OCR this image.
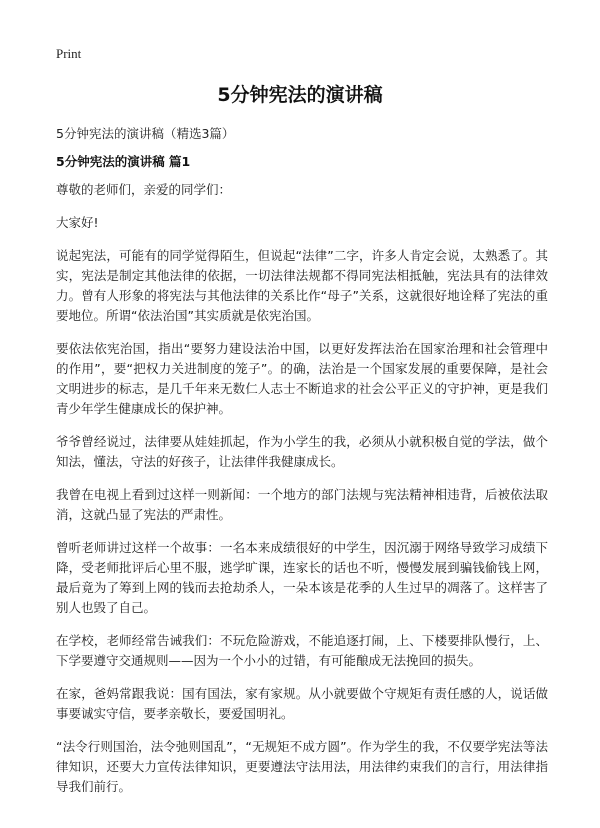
Print
5分钟宪法的演讲稿
5分钟宪法的演讲稿（精选3篇）
5分钟宪法的演讲稿 篇1

尊敬的老师们，亲爱的同学们：

大家好!

说起宪法，可能有的同学觉得陌生，但说起“法律”二字，许多人肯定会说，太熟悉了。其实，宪法是制定其他法律的依据，一切法律法规都不得同宪法相抵触，宪法具有的法律效力。曾有人形象的将宪法与其他法律的关系比作“母子”关系，这就很好地诠释了宪法的重要地位。所谓“依法治国”其实质就是依宪治国。

要依法依宪治国，指出“要努力建设法治中国，以更好发挥法治在国家治理和社会管理中的作用”，要“把权力关进制度的笼子”。的确，法治是一个国家发展的重要保障，是社会文明进步的标志，是几千年来无数仁人志士不断追求的社会公平正义的守护神，更是我们青少年学生健康成长的保护神。

爷爷曾经说过，法律要从娃娃抓起，作为小学生的我，必须从小就积极自觉的学法，做个知法，懂法，守法的好孩子，让法律伴我健康成长。

我曾在电视上看到过这样一则新闻：一个地方的部门法规与宪法精神相违背，后被依法取消，这就凸显了宪法的严肃性。

曾听老师讲过这样一个故事：一名本来成绩很好的中学生，因沉溺于网络导致学习成绩下降，受老师批评后心里不服，逃学旷课，连家长的话也不听，慢慢发展到骗钱偷钱上网，最后竟为了筹到上网的钱而去抢劫杀人，一朵本该是花季的人生过早的凋落了。这样害了别人也毁了自己。

在学校，老师经常告诫我们：不玩危险游戏，不能追逐打闹，上、下楼要排队慢行，上、下学要遵守交通规则——因为一个小小的过错，有可能酿成无法挽回的损失。

在家，爸妈常跟我说：国有国法，家有家规。从小就要做个守规矩有责任感的人，说话做事要诚实守信，要孝亲敬长，要爱国明礼。

“法令行则国治，法令弛则国乱”，“无规矩不成方圆”。作为学生的我，不仅要学宪法等法律知识，还要大力宣传法律知识，更要遵法守法用法，用法律约束我们的言行，用法律指导我们前行。
